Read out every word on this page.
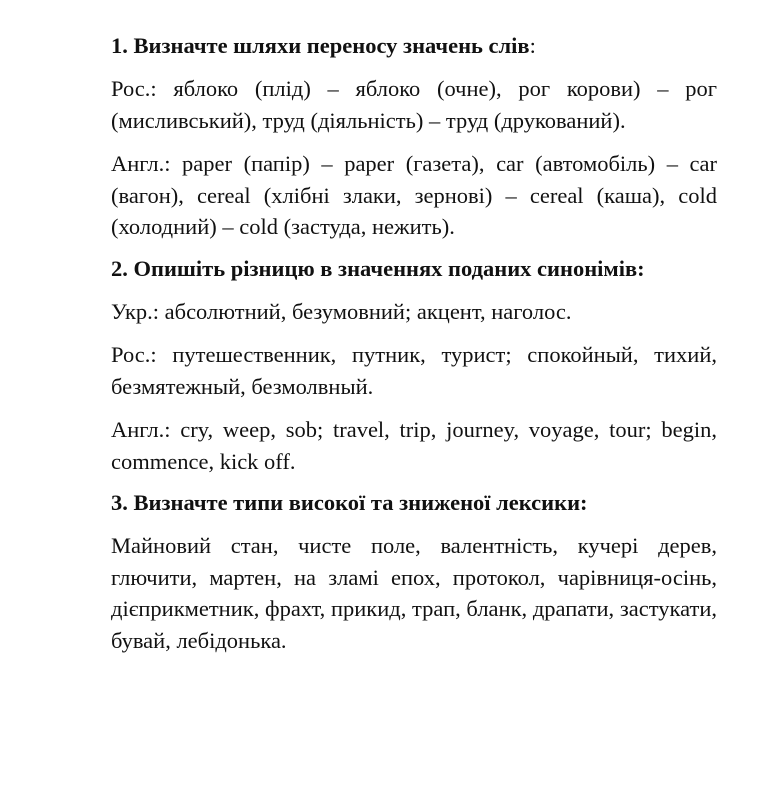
1. Визначте шляхи переносу значень слів:

Рос.: яблоко (плід) – яблоко (очне), рог корови) – рог (мисливський), труд (діяльність) – труд (друкований).

Англ.: paper (папір) – paper (газета), car (автомобіль) – car (вагон), cereal (хлібні злаки, зернові) – cereal (каша), cold (холодний) – cold (застуда, нежить).

2. Опишіть різницю в значеннях поданих синонімів:

Укр.: абсолютний, безумовний; акцент, наголос.

Рос.: путешественник, путник, турист; спокойный, тихий, безмятежный, безмолвный.

Англ.: cry, weep, sob; travel, trip, journey, voyage, tour; begin, commence, kick off.

3. Визначте типи високої та зниженої лексики:

Майновий стан, чисте поле, валентність, кучері дерев, глючити, мартен, на зламі епох, протокол, чарівниця-осінь, дієприкметник, фрахт, прикид, трап, бланк, драпати, застукати, бувай, лебідонька.
